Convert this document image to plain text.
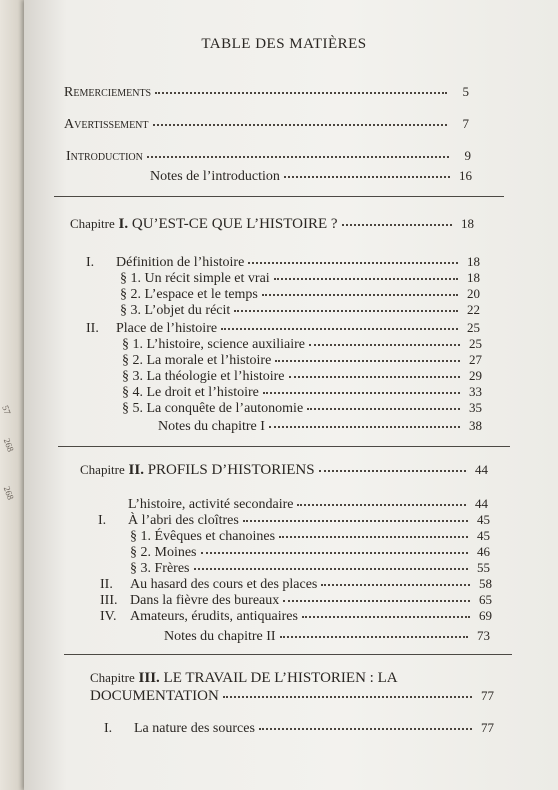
57
268
268
TABLE DES MATIÈRES
Remerciements	5
Avertissement	7
Introduction	9
Notes de l’introduction	16
Chapitre I. QU’EST-CE QUE L’HISTOIRE ?	18
I. Définition de l’histoire	18
§ 1. Un récit simple et vrai	18
§ 2. L’espace et le temps	20
§ 3. L’objet du récit	22
II. Place de l’histoire	25
§ 1. L’histoire, science auxiliaire	25
§ 2. La morale et l’histoire	27
§ 3. La théologie et l’histoire	29
§ 4. Le droit et l’histoire	33
§ 5. La conquête de l’autonomie	35
Notes du chapitre I	38
Chapitre II. PROFILS D’HISTORIENS	44
L’histoire, activité secondaire	44
I. À l’abri des cloîtres	45
§ 1. Évêques et chanoines	45
§ 2. Moines	46
§ 3. Frères	55
II. Au hasard des cours et des places	58
III. Dans la fièvre des bureaux	65
IV. Amateurs, érudits, antiquaires	69
Notes du chapitre II	73
Chapitre III. LE TRAVAIL DE L’HISTORIEN : LA
DOCUMENTATION	77
I. La nature des sources	77
